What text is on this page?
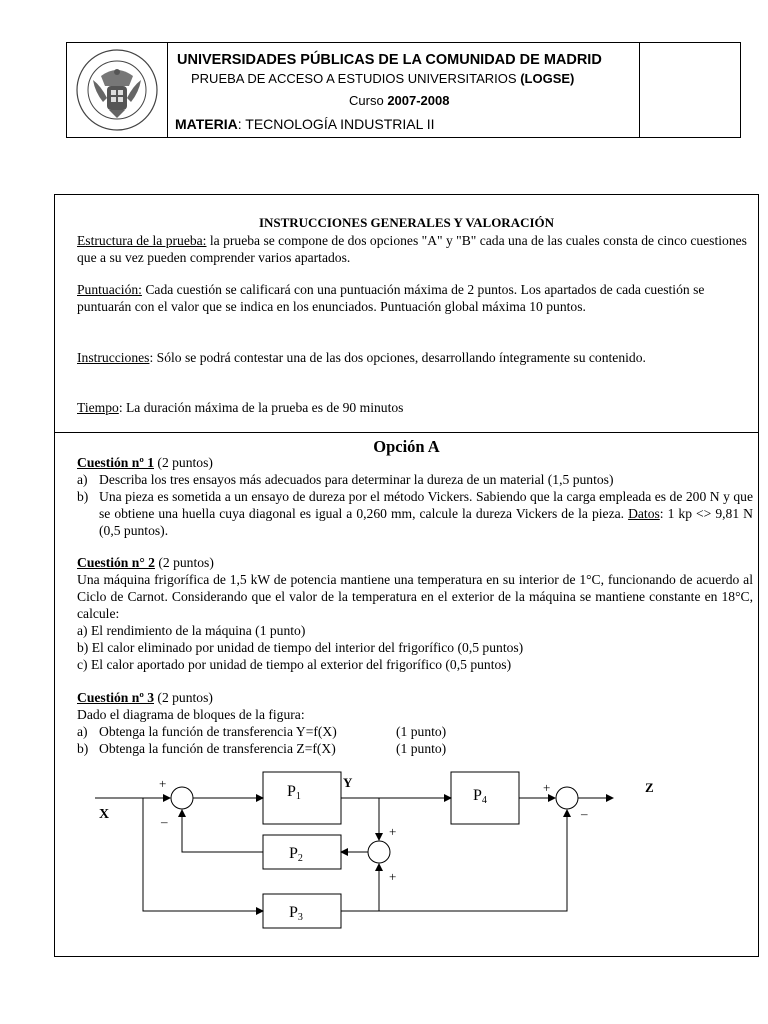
UNIVERSIDADES PÚBLICAS DE LA COMUNIDAD DE MADRID
PRUEBA DE ACCESO A ESTUDIOS UNIVERSITARIOS (LOGSE)
Curso 2007-2008
MATERIA: TECNOLOGÍA INDUSTRIAL II
INSTRUCCIONES GENERALES Y VALORACIÓN
Estructura de la prueba: la prueba se compone de dos opciones "A" y "B" cada una de las cuales consta de cinco cuestiones que a su vez pueden comprender varios apartados.
Puntuación: Cada cuestión se calificará con una puntuación máxima de 2 puntos. Los apartados de cada cuestión se puntuarán con el valor que se indica en los enunciados. Puntuación global máxima 10 puntos.
Instrucciones: Sólo se podrá contestar una de las dos opciones, desarrollando íntegramente su contenido.
Tiempo: La duración máxima de la prueba es de 90 minutos
Opción A
Cuestión nº 1 (2 puntos)
a) Describa los tres ensayos más adecuados para determinar la dureza de un material (1,5 puntos)
b) Una pieza es sometida a un ensayo de dureza por el método Vickers. Sabiendo que la carga empleada es de 200 N y que se obtiene una huella cuya diagonal es igual a 0,260 mm, calcule la dureza Vickers de la pieza. Datos: 1 kp <> 9,81 N (0,5 puntos).
Cuestión n° 2 (2 puntos)
Una máquina frigorífica de 1,5 kW de potencia mantiene una temperatura en su interior de 1°C, funcionando de acuerdo al Ciclo de Carnot. Considerando que el valor de la temperatura en el exterior de la máquina se mantiene constante en 18°C, calcule:
a) El rendimiento de la máquina (1 punto)
b) El calor eliminado por unidad de tiempo del interior del frigorífico (0,5 puntos)
c) El calor aportado por unidad de tiempo al exterior del frigorífico (0,5 puntos)
Cuestión nº 3 (2 puntos)
Dado el diagrama de bloques de la figura:
a) Obtenga la función de transferencia Y=f(X)	(1 punto)
b) Obtenga la función de transferencia Z=f(X)	(1 punto)
X
Y	Z
P1	P4
P2
P3
+
–
+
+
+
–
